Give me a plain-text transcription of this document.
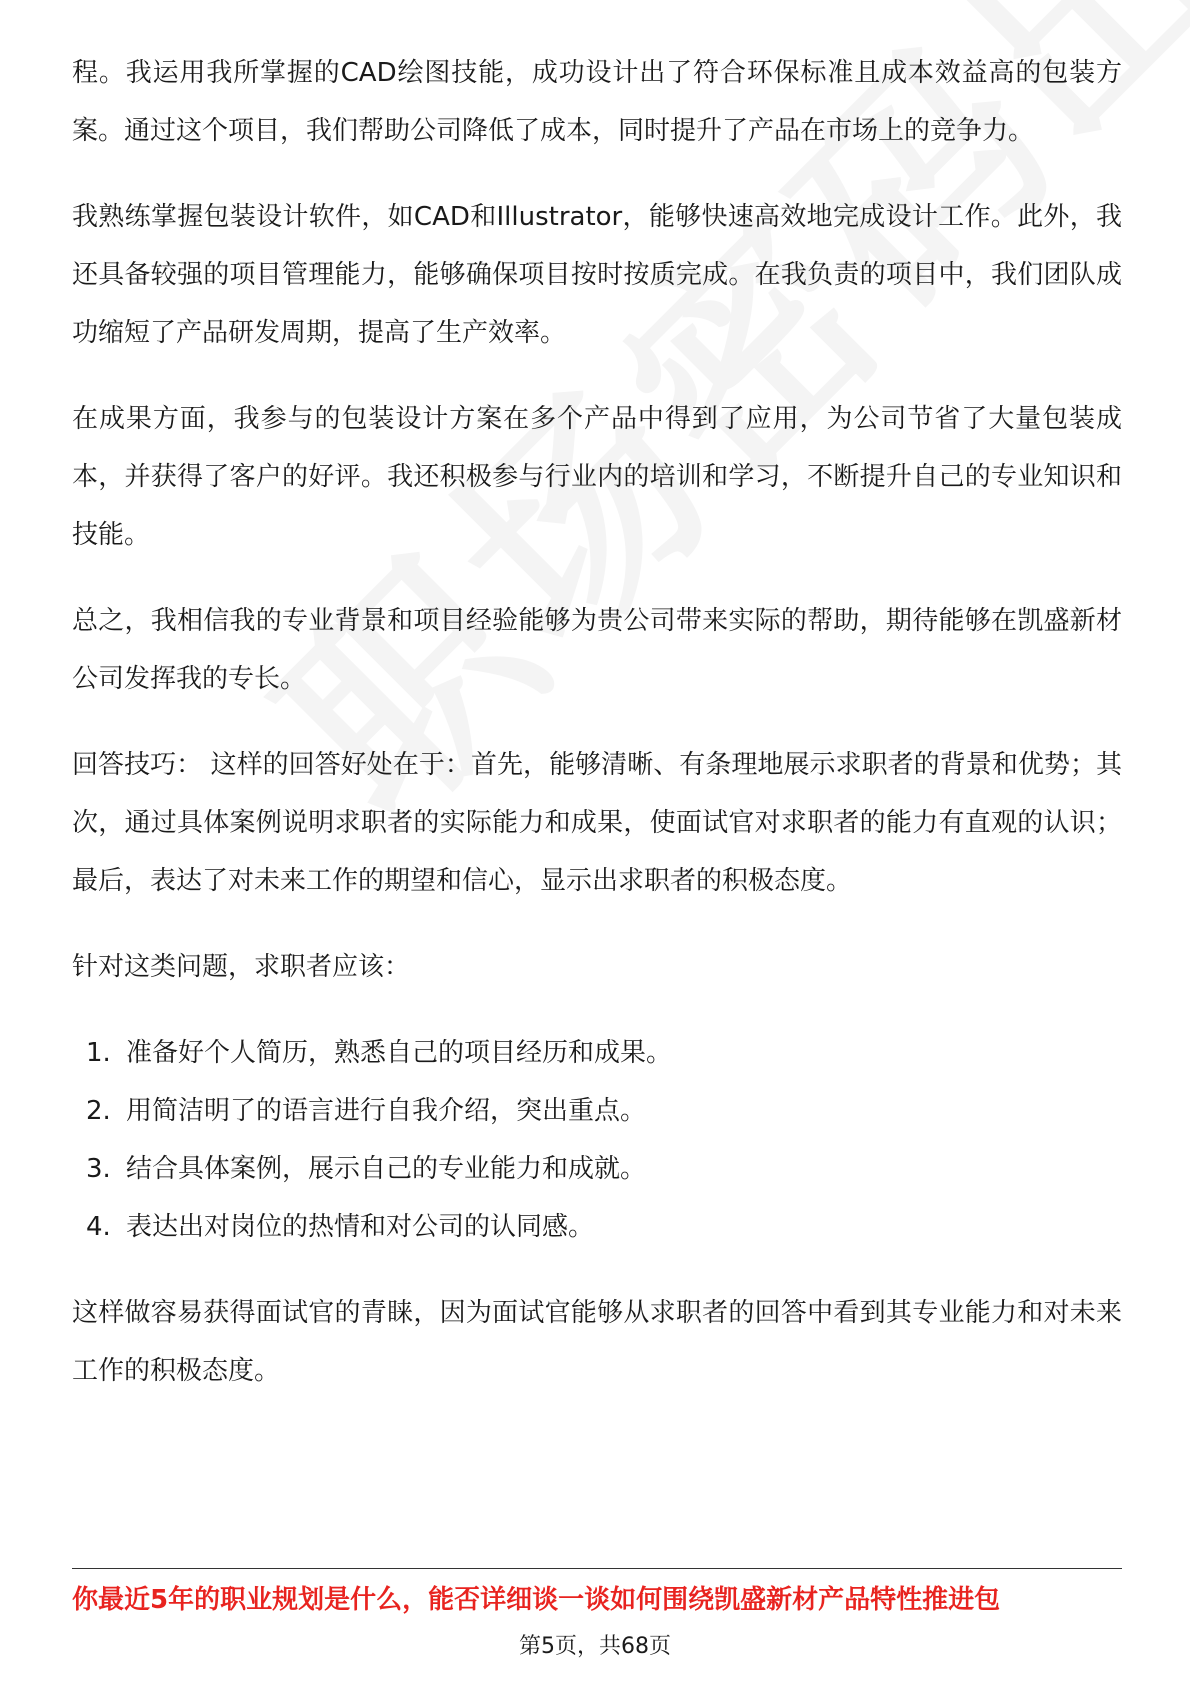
程。我运用我所掌握的CAD绘图技能，成功设计出了符合环保标准且成本效益高的包装方案。通过这个项目，我们帮助公司降低了成本，同时提升了产品在市场上的竞争力。

我熟练掌握包装设计软件，如CAD和Illustrator，能够快速高效地完成设计工作。此外，我还具备较强的项目管理能力，能够确保项目按时按质完成。在我负责的项目中，我们团队成功缩短了产品研发周期，提高了生产效率。

在成果方面，我参与的包装设计方案在多个产品中得到了应用，为公司节省了大量包装成本，并获得了客户的好评。我还积极参与行业内的培训和学习，不断提升自己的专业知识和技能。

总之，我相信我的专业背景和项目经验能够为贵公司带来实际的帮助，期待能够在凯盛新材公司发挥我的专长。

回答技巧： 这样的回答好处在于：首先，能够清晰、有条理地展示求职者的背景和优势；其次，通过具体案例说明求职者的实际能力和成果，使面试官对求职者的能力有直观的认识；最后，表达了对未来工作的期望和信心，显示出求职者的积极态度。

针对这类问题，求职者应该：

1. 准备好个人简历，熟悉自己的项目经历和成果。
2. 用简洁明了的语言进行自我介绍，突出重点。
3. 结合具体案例，展示自己的专业能力和成就。
4. 表达出对岗位的热情和对公司的认同感。

这样做容易获得面试官的青睐，因为面试官能够从求职者的回答中看到其专业能力和对未来工作的积极态度。

你最近5年的职业规划是什么，能否详细谈一谈如何围绕凯盛新材产品特性推进包
第5页，共68页
